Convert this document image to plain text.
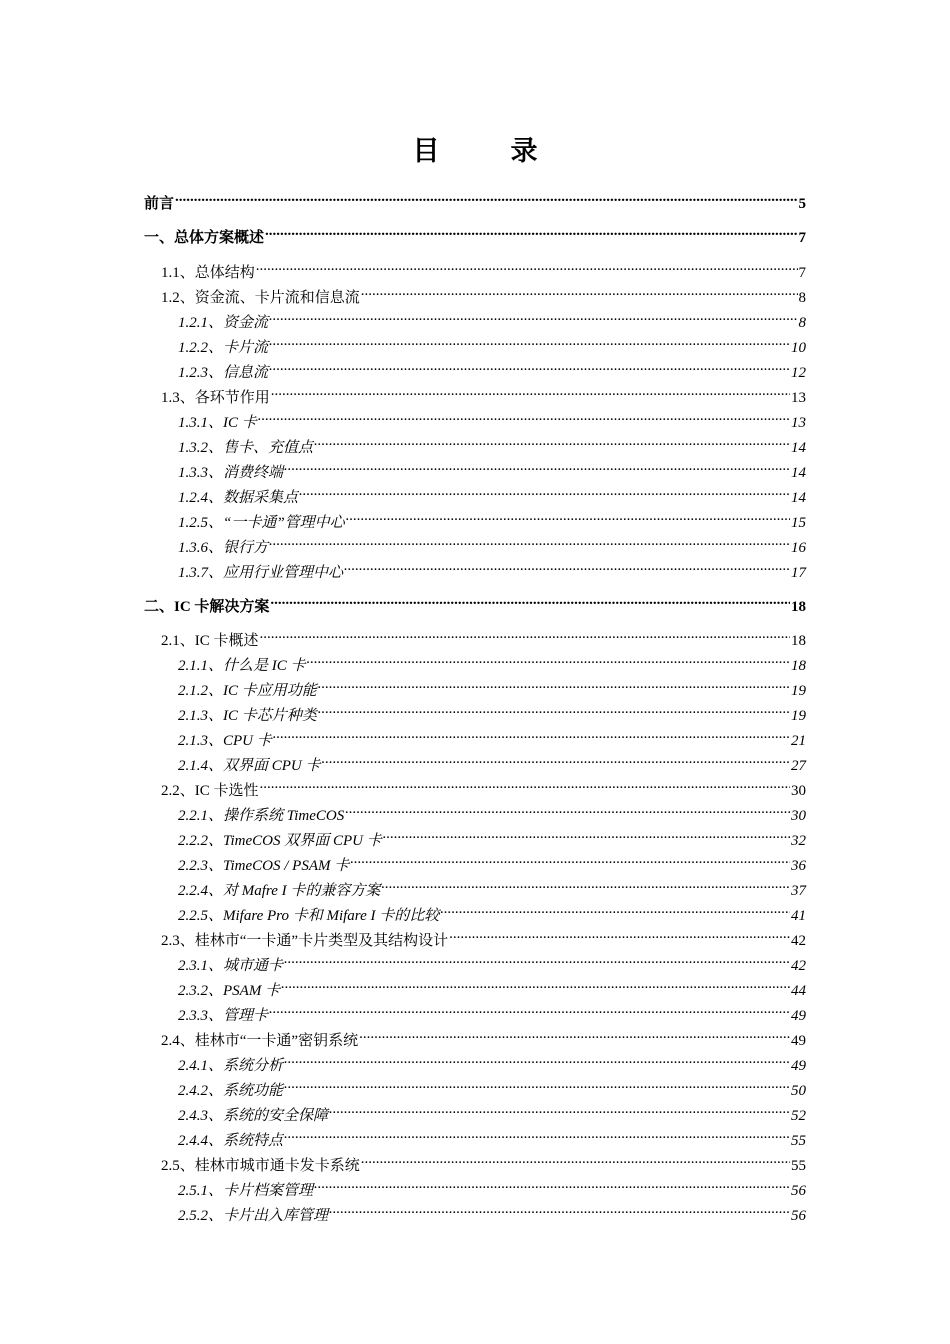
目　录
前言 .....	5
一、总体方案概述 .....	7
1.1、总体结构 .....	7
1.2、资金流、卡片流和信息流 .....	8
1.2.1、资金流 .....	8
1.2.2、卡片流 .....	10
1.2.3、信息流 .....	12
1.3、各环节作用 .....	13
1.3.1、IC 卡 .....	13
1.3.2、售卡、充值点 .....	14
1.3.3、消费终端 .....	14
1.2.4、数据采集点 .....	14
1.2.5、“一卡通”管理中心 .....	15
1.3.6、银行方 .....	16
1.3.7、应用行业管理中心 .....	17
二、IC 卡解决方案 .....	18
2.1、IC 卡概述 .....	18
2.1.1、什么是 IC 卡 .....	18
2.1.2、IC 卡应用功能 .....	19
2.1.3、IC 卡芯片种类 .....	19
2.1.3、CPU 卡 .....	21
2.1.4、双界面 CPU 卡 .....	27
2.2、IC 卡选性 .....	30
2.2.1、操作系统 TimeCOS .....	30
2.2.2、TimeCOS 双界面 CPU 卡 .....	32
2.2.3、TimeCOS / PSAM 卡 .....	36
2.2.4、对 Mafre I 卡的兼容方案 .....	37
2.2.5、Mifare Pro 卡和 Mifare I 卡的比较 .....	41
2.3、桂林市“一卡通”卡片类型及其结构设计 .....	42
2.3.1、城市通卡 .....	42
2.3.2、PSAM 卡 .....	44
2.3.3、管理卡 .....	49
2.4、桂林市“一卡通”密钥系统 .....	49
2.4.1、系统分析 .....	49
2.4.2、系统功能 .....	50
2.4.3、系统的安全保障 .....	52
2.4.4、系统特点 .....	55
2.5、桂林市城市通卡发卡系统 .....	55
2.5.1、卡片档案管理 .....	56
2.5.2、卡片出入库管理 .....	56
